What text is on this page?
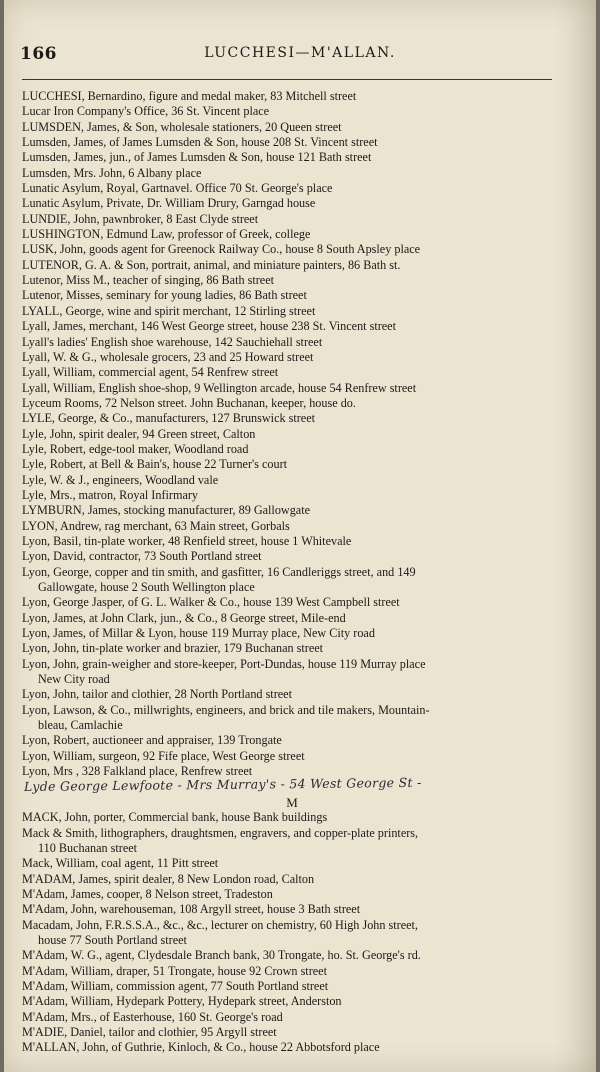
166	LUCCHESI—M'ALLAN.
LUCCHESI, Bernardino, figure and medal maker, 83 Mitchell street
Lucar Iron Company's Office, 36 St. Vincent place
LUMSDEN, James, & Son, wholesale stationers, 20 Queen street
Lumsden, James, of James Lumsden & Son, house 208 St. Vincent street
Lumsden, James, jun., of James Lumsden & Son, house 121 Bath street
Lumsden, Mrs. John, 6 Albany place
Lunatic Asylum, Royal, Gartnavel. Office 70 St. George's place
Lunatic Asylum, Private, Dr. William Drury, Garngad house
LUNDIE, John, pawnbroker, 8 East Clyde street
LUSHINGTON, Edmund Law, professor of Greek, college
LUSK, John, goods agent for Greenock Railway Co., house 8 South Apsley place
LUTENOR, G. A. & Son, portrait, animal, and miniature painters, 86 Bath st.
Lutenor, Miss M., teacher of singing, 86 Bath street
Lutenor, Misses, seminary for young ladies, 86 Bath street
LYALL, George, wine and spirit merchant, 12 Stirling street
Lyall, James, merchant, 146 West George street, house 238 St. Vincent street
Lyall's ladies' English shoe warehouse, 142 Sauchiehall street
Lyall, W. & G., wholesale grocers, 23 and 25 Howard street
Lyall, William, commercial agent, 54 Renfrew street
Lyall, William, English shoe-shop, 9 Wellington arcade, house 54 Renfrew street
Lyceum Rooms, 72 Nelson street. John Buchanan, keeper, house do.
LYLE, George, & Co., manufacturers, 127 Brunswick street
Lyle, John, spirit dealer, 94 Green street, Calton
Lyle, Robert, edge-tool maker, Woodland road
Lyle, Robert, at Bell & Bain's, house 22 Turner's court
Lyle, W. & J., engineers, Woodland vale
Lyle, Mrs., matron, Royal Infirmary
LYMBURN, James, stocking manufacturer, 89 Gallowgate
LYON, Andrew, rag merchant, 63 Main street, Gorbals
Lyon, Basil, tin-plate worker, 48 Renfield street, house 1 Whitevale
Lyon, David, contractor, 73 South Portland street
Lyon, George, copper and tin smith, and gasfitter, 16 Candleriggs street, and 149
Gallowgate, house 2 South Wellington place
Lyon, George Jasper, of G. L. Walker & Co., house 139 West Campbell street
Lyon, James, at John Clark, jun., & Co., 8 George street, Mile-end
Lyon, James, of Millar & Lyon, house 119 Murray place, New City road
Lyon, John, tin-plate worker and brazier, 179 Buchanan street
Lyon, John, grain-weigher and store-keeper, Port-Dundas, house 119 Murray place
New City road
Lyon, John, tailor and clothier, 28 North Portland street
Lyon, Lawson, & Co., millwrights, engineers, and brick and tile makers, Mountain-
bleau, Camlachie
Lyon, Robert, auctioneer and appraiser, 139 Trongate
Lyon, William, surgeon, 92 Fife place, West George street
Lyon, Mrs , 328 Falkland place, Renfrew street
Lyde George Lewfoote - Mrs Murray's - 54 West George St -
M
MACK, John, porter, Commercial bank, house Bank buildings
Mack & Smith, lithographers, draughtsmen, engravers, and copper-plate printers,
110 Buchanan street
Mack, William, coal agent, 11 Pitt street
M'ADAM, James, spirit dealer, 8 New London road, Calton
M'Adam, James, cooper, 8 Nelson street, Tradeston
M'Adam, John, warehouseman, 108 Argyll street, house 3 Bath street
Macadam, John, F.R.S.S.A., &c., &c., lecturer on chemistry, 60 High John street,
house 77 South Portland street
M'Adam, W. G., agent, Clydesdale Branch bank, 30 Trongate, ho. St. George's rd.
M'Adam, William, draper, 51 Trongate, house 92 Crown street
M'Adam, William, commission agent, 77 South Portland street
M'Adam, William, Hydepark Pottery, Hydepark street, Anderston
M'Adam, Mrs., of Easterhouse, 160 St. George's road
M'ADIE, Daniel, tailor and clothier, 95 Argyll street
M'ALLAN, John, of Guthrie, Kinloch, & Co., house 22 Abbotsford place
